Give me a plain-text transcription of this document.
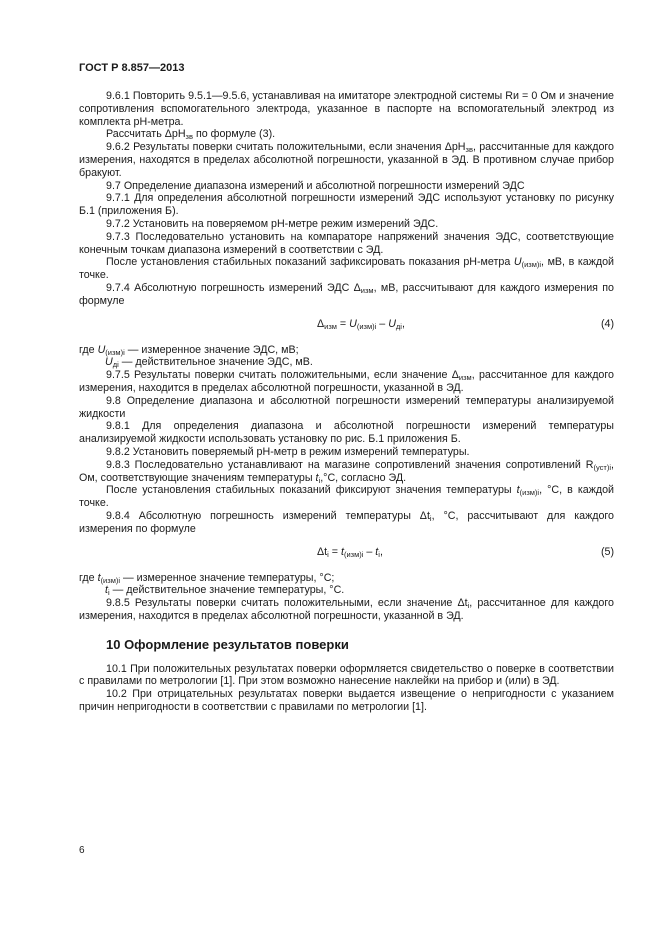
ГОСТ Р 8.857—2013

9.6.1 Повторить 9.5.1—9.5.6, устанавливая на имитаторе электродной системы Rи = 0 Ом и значение сопротивления вспомогательного электрода, указанное в паспорте на вспомогательный электрод из комплекта рН-метра.

Рассчитать ΔрН$_{зв}$ по формуле (3).

9.6.2 Результаты поверки считать положительными, если значения ΔрН$_{зв}$, рассчитанные для каждого измерения, находятся в пределах абсолютной погрешности, указанной в ЭД. В противном случае прибор бракуют.

9.7 Определение диапазона измерений и абсолютной погрешности измерений ЭДС

9.7.1 Для определения абсолютной погрешности измерений ЭДС используют установку по рисунку Б.1 (приложения Б).

9.7.2 Установить на поверяемом рН-метре режим измерений ЭДС.

9.7.3 Последовательно установить на компараторе напряжений значения ЭДС, соответствующие конечным точкам диапазона измерений в соответствии с ЭД.

После установления стабильных показаний зафиксировать показания рН-метра $U_{(изм)i}$, мВ, в каждой точке.

9.7.4 Абсолютную погрешность измерений ЭДС $\Delta_{изм}$, мВ, рассчитывают для каждого измерения по формуле

$\Delta_{изм} = U_{(изм)i} - U_{дi}$,	(4)

где $U_{(изм)i}$ — измеренное значение ЭДС, мВ;

$U_{дi}$ — действительное значение ЭДС, мВ.

9.7.5 Результаты поверки считать положительными, если значение $\Delta_{изм}$, рассчитанное для каждого измерения, находится в пределах абсолютной погрешности, указанной в ЭД.

9.8 Определение диапазона и абсолютной погрешности измерений температуры анализируемой жидкости

9.8.1 Для определения диапазона и абсолютной погрешности измерений температуры анализируемой жидкости использовать установку по рис. Б.1 приложения Б.

9.8.2 Установить поверяемый рН-метр в режим измерений температуры.

9.8.3 Последовательно устанавливают на магазине сопротивлений значения сопротивлений $R_{(уст)i}$, Ом, соответствующие значениям температуры $t_i,^\circ C$, согласно ЭД.

После установления стабильных показаний фиксируют значения температуры $t_{(изм)i}$, °C, в каждой точке.

9.8.4 Абсолютную погрешность измерений температуры $\Delta t_i$, °C, рассчитывают для каждого измерения по формуле

$\Delta t_i = t_{(изм)i} - t_i$,	(5)

где $t_{(изм)i}$ — измеренное значение температуры, °C;

$t_i$ — действительное значение температуры, °C.

9.8.5 Результаты поверки считать положительными, если значение $\Delta t_i$, рассчитанное для каждого измерения, находится в пределах абсолютной погрешности, указанной в ЭД.

10 Оформление результатов поверки

10.1 При положительных результатах поверки оформляется свидетельство о поверке в соответствии с правилами по метрологии [1]. При этом возможно нанесение наклейки на прибор и (или) в ЭД.

10.2 При отрицательных результатах поверки выдается извещение о непригодности с указанием причин непригодности в соответствии с правилами по метрологии [1].

6
